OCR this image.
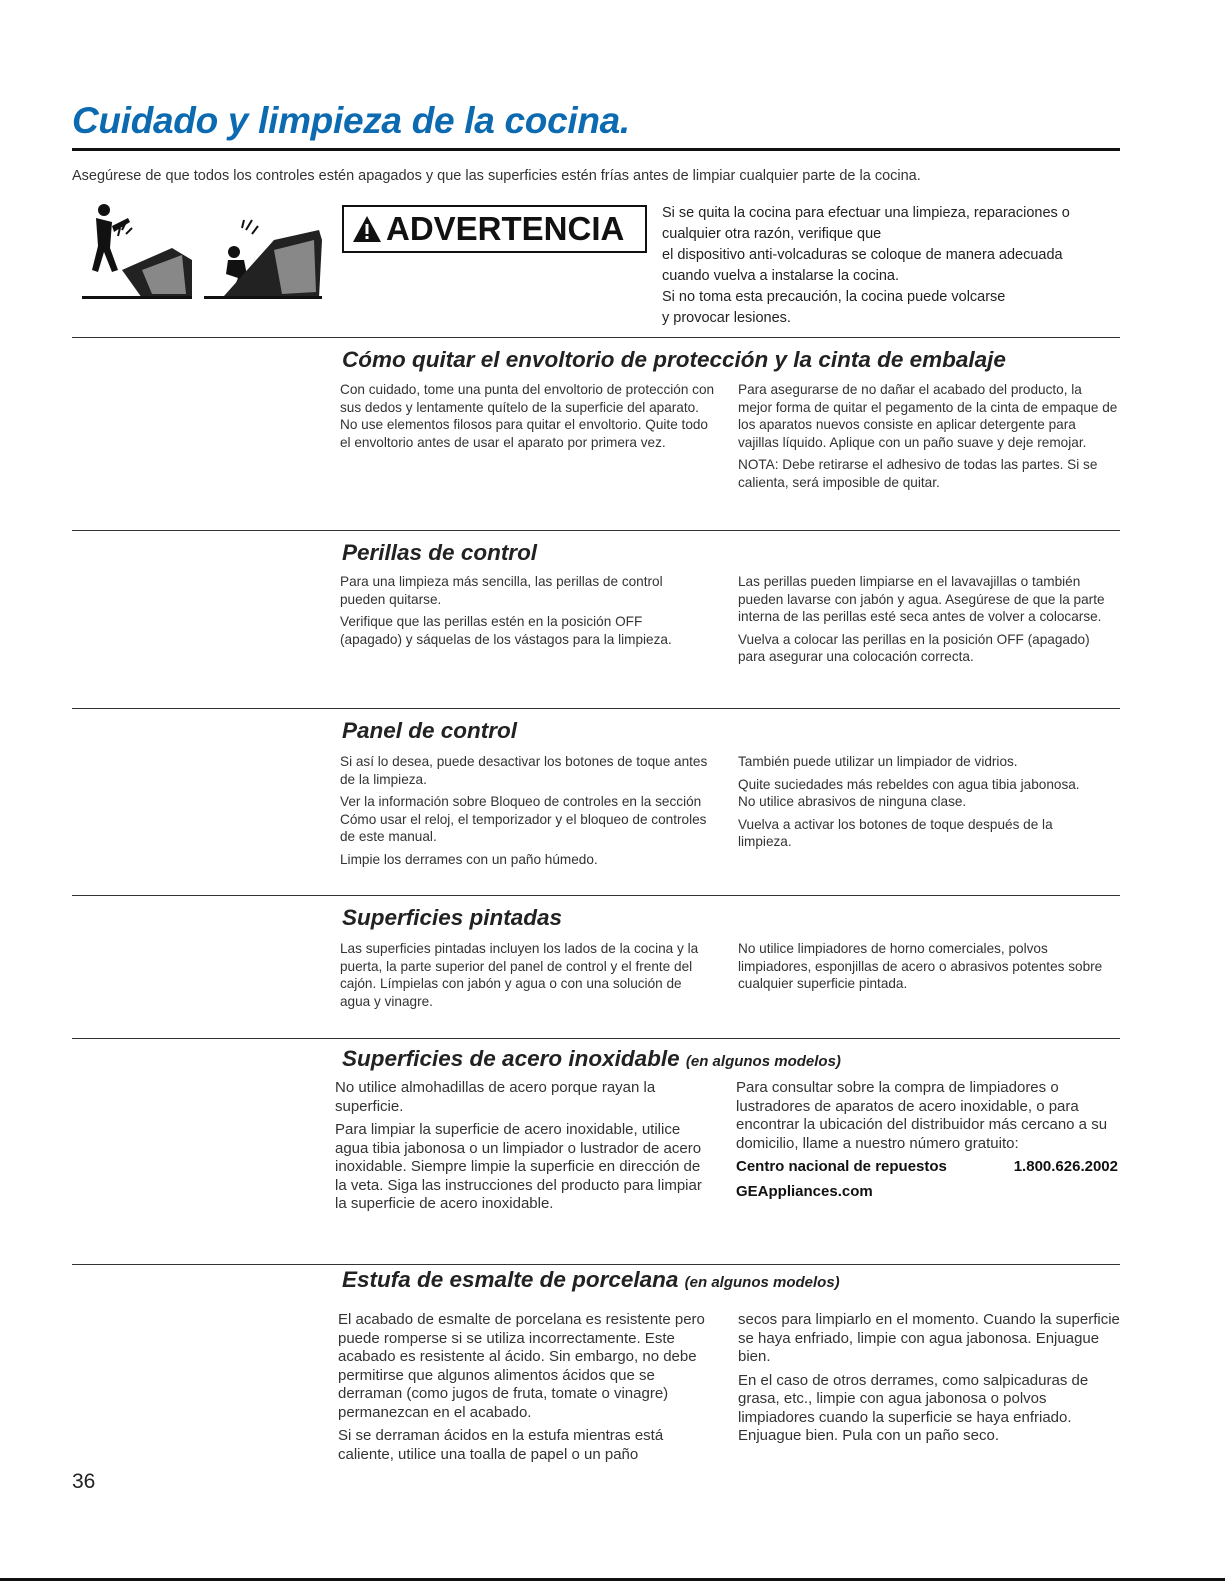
Cuidado y limpieza de la cocina.
Asegúrese de que todos los controles estén apagados y que las superficies estén frías antes de limpiar cualquier parte de la cocina.
ADVERTENCIA	Si se quita la cocina para efectuar una limpieza, reparaciones o
cualquier otra razón, verifique que
el dispositivo anti-volcaduras se coloque de manera adecuada
cuando vuelva a instalarse la cocina.
Si no toma esta precaución, la cocina puede volcarse
y provocar lesiones.
Cómo quitar el envoltorio de protección y la cinta de embalaje

Con cuidado, tome una punta del envoltorio de protección con sus dedos y lentamente quítelo de la superficie del aparato. No use elementos filosos para quitar el envoltorio. Quite todo el envoltorio antes de usar el aparato por primera vez.

Para asegurarse de no dañar el acabado del producto, la mejor forma de quitar el pegamento de la cinta de empaque de los aparatos nuevos consiste en aplicar detergente para vajillas líquido. Aplique con un paño suave y deje remojar.

NOTA: Debe retirarse el adhesivo de todas las partes. Si se calienta, será imposible de quitar.

Perillas de control

Para una limpieza más sencilla, las perillas de control pueden quitarse.

Verifique que las perillas estén en la posición OFF (apagado) y sáquelas de los vástagos para la limpieza.

Las perillas pueden limpiarse en el lavavajillas o también pueden lavarse con jabón y agua. Asegúrese de que la parte interna de las perillas esté seca antes de volver a colocarse.

Vuelva a colocar las perillas en la posición OFF (apagado) para asegurar una colocación correcta.

Panel de control

Si así lo desea, puede desactivar los botones de toque antes de la limpieza.

Ver la información sobre Bloqueo de controles en la sección Cómo usar el reloj, el temporizador y el bloqueo de controles de este manual.

Limpie los derrames con un paño húmedo.

También puede utilizar un limpiador de vidrios.

Quite suciedades más rebeldes con agua tibia jabonosa. No utilice abrasivos de ninguna clase.

Vuelva a activar los botones de toque después de la limpieza.

Superficies pintadas

Las superficies pintadas incluyen los lados de la cocina y la puerta, la parte superior del panel de control y el frente del cajón. Límpielas con jabón y agua o con una solución de agua y vinagre.

No utilice limpiadores de horno comerciales, polvos limpiadores, esponjillas de acero o abrasivos potentes sobre cualquier superficie pintada.

Superficies de acero inoxidable (en algunos modelos)

No utilice almohadillas de acero porque rayan la superficie.

Para limpiar la superficie de acero inoxidable, utilice agua tibia jabonosa o un limpiador o lustrador de acero inoxidable. Siempre limpie la superficie en dirección de la veta. Siga las instrucciones del producto para limpiar la superficie de acero inoxidable.

Para consultar sobre la compra de limpiadores o lustradores de aparatos de acero inoxidable, o para encontrar la ubicación del distribuidor más cercano a su domicilio, llame a nuestro número gratuito:

Centro nacional de repuestos	1.800.626.2002
GEAppliances.com
Estufa de esmalte de porcelana (en algunos modelos)

El acabado de esmalte de porcelana es resistente pero puede romperse si se utiliza incorrectamente. Este acabado es resistente al ácido. Sin embargo, no debe permitirse que algunos alimentos ácidos que se derraman (como jugos de fruta, tomate o vinagre) permanezcan en el acabado.

Si se derraman ácidos en la estufa mientras está caliente, utilice una toalla de papel o un paño

secos para limpiarlo en el momento. Cuando la superficie se haya enfriado, limpie con agua jabonosa. Enjuague bien.

En el caso de otros derrames, como salpicaduras de grasa, etc., limpie con agua jabonosa o polvos limpiadores cuando la superficie se haya enfriado. Enjuague bien. Pula con un paño seco.

36
